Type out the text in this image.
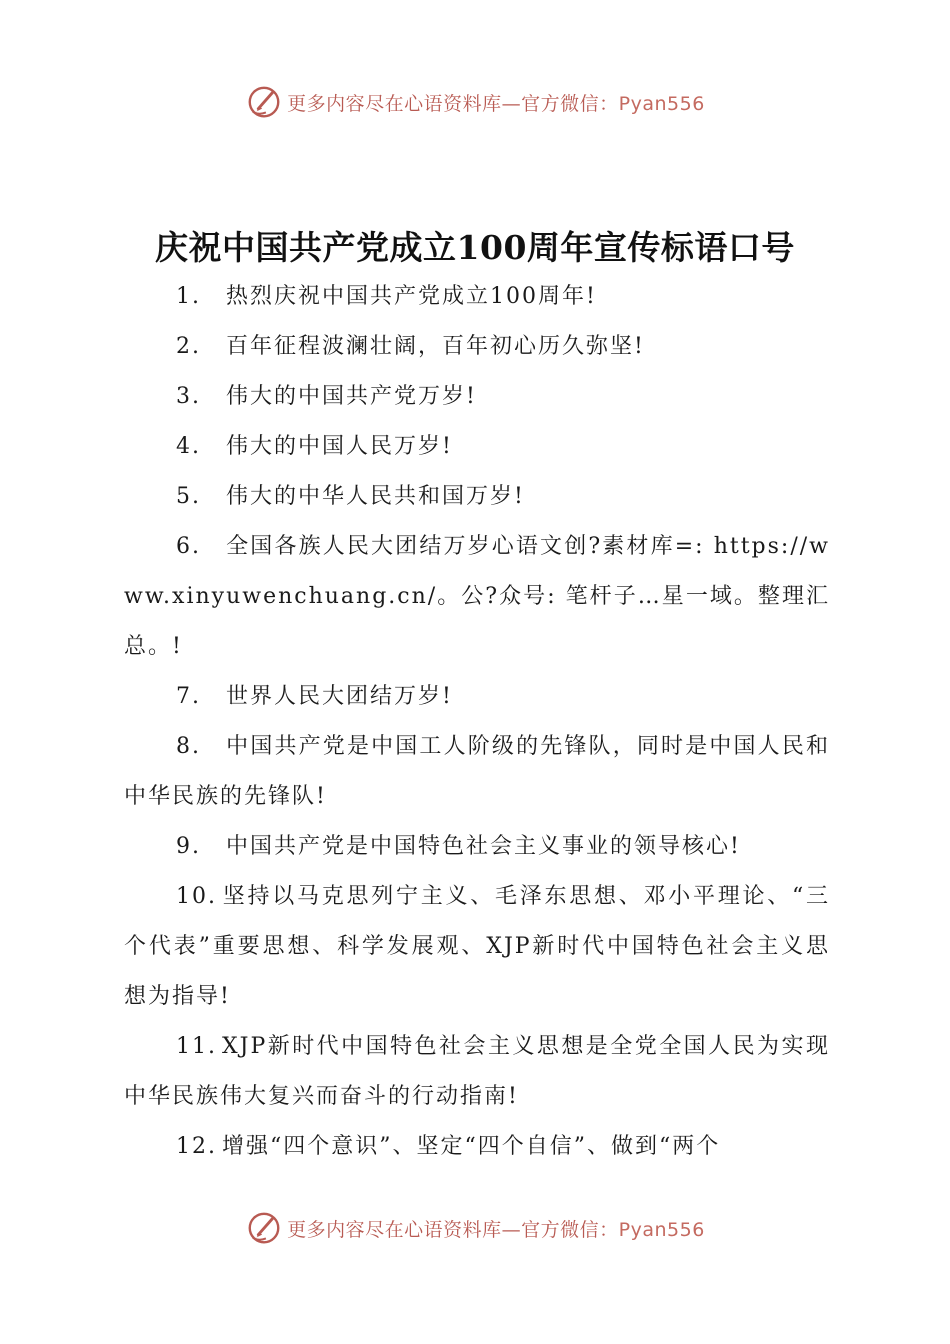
更多内容尽在心语资料库—官方微信：Pyan556
庆祝中国共产党成立100周年宣传标语口号

1. 热烈庆祝中国共产党成立100周年!

2. 百年征程波澜壮阔，百年初心历久弥坚!

3. 伟大的中国共产党万岁!

4. 伟大的中国人民万岁!

5. 伟大的中华人民共和国万岁!

6. 全国各族人民大团结万岁心语文创?素材库=: https://www.xinyuwenchuang.cn/。公?众号: 笔杆子…星一域。整理汇总。!

7. 世界人民大团结万岁!

8. 中国共产党是中国工人阶级的先锋队，同时是中国人民和中华民族的先锋队!

9. 中国共产党是中国特色社会主义事业的领导核心!

10. 坚持以马克思列宁主义、毛泽东思想、邓小平理论、“三个代表”重要思想、科学发展观、XJP新时代中国特色社会主义思想为指导!

11. XJP新时代中国特色社会主义思想是全党全国人民为实现中华民族伟大复兴而奋斗的行动指南!

12. 增强“四个意识”、坚定“四个自信”、做到“两个

更多内容尽在心语资料库—官方微信：Pyan556
